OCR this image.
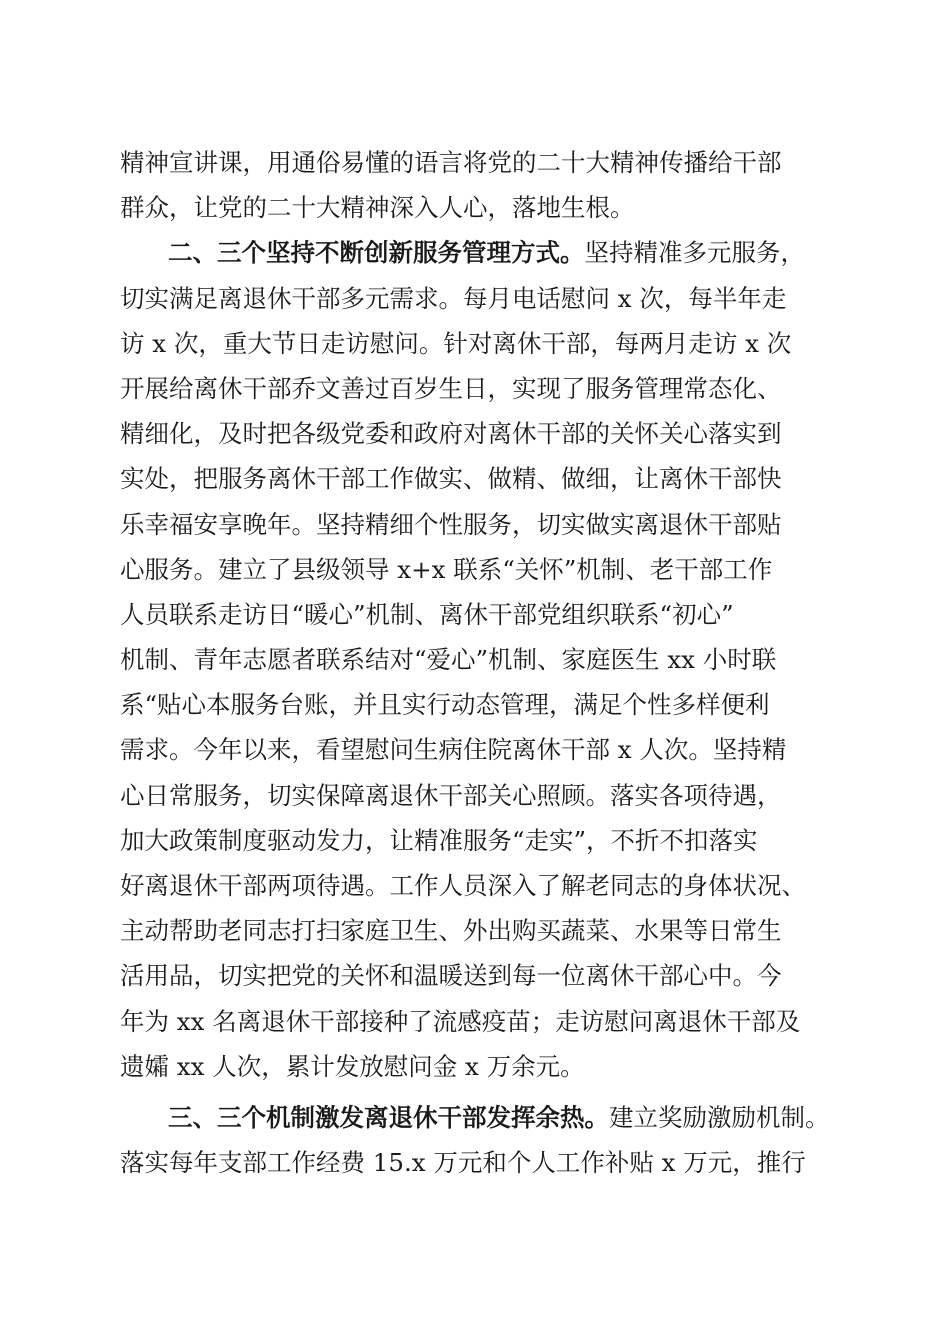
精神宣讲课，用通俗易懂的语言将党的二十大精神传播给干部
群众，让党的二十大精神深入人心，落地生根。
二、三个坚持不断创新服务管理方式。坚持精准多元服务，
切实满足离退休干部多元需求。每月电话慰问 x 次，每半年走
访 x 次，重大节日走访慰问。针对离休干部，每两月走访 x 次
开展给离休干部乔文善过百岁生日，实现了服务管理常态化、
精细化，及时把各级党委和政府对离休干部的关怀关心落实到
实处，把服务离休干部工作做实、做精、做细，让离休干部快
乐幸福安享晚年。坚持精细个性服务，切实做实离退休干部贴
心服务。建立了县级领导 x+x 联系“关怀”机制、老干部工作
人员联系走访日“暖心”机制、离休干部党组织联系“初心”
机制、青年志愿者联系结对“爱心”机制、家庭医生 xx 小时联
系“贴心本服务台账，并且实行动态管理，满足个性多样便利
需求。今年以来，看望慰问生病住院离休干部 x 人次。坚持精
心日常服务，切实保障离退休干部关心照顾。落实各项待遇，
加大政策制度驱动发力，让精准服务“走实”，不折不扣落实
好离退休干部两项待遇。工作人员深入了解老同志的身体状况、
主动帮助老同志打扫家庭卫生、外出购买蔬菜、水果等日常生
活用品，切实把党的关怀和温暖送到每一位离休干部心中。今
年为 xx 名离退休干部接种了流感疫苗；走访慰问离退休干部及
遗孀 xx 人次，累计发放慰问金 x 万余元。
三、三个机制激发离退休干部发挥余热。建立奖励激励机制。
落实每年支部工作经费 15.x 万元和个人工作补贴 x 万元，推行
